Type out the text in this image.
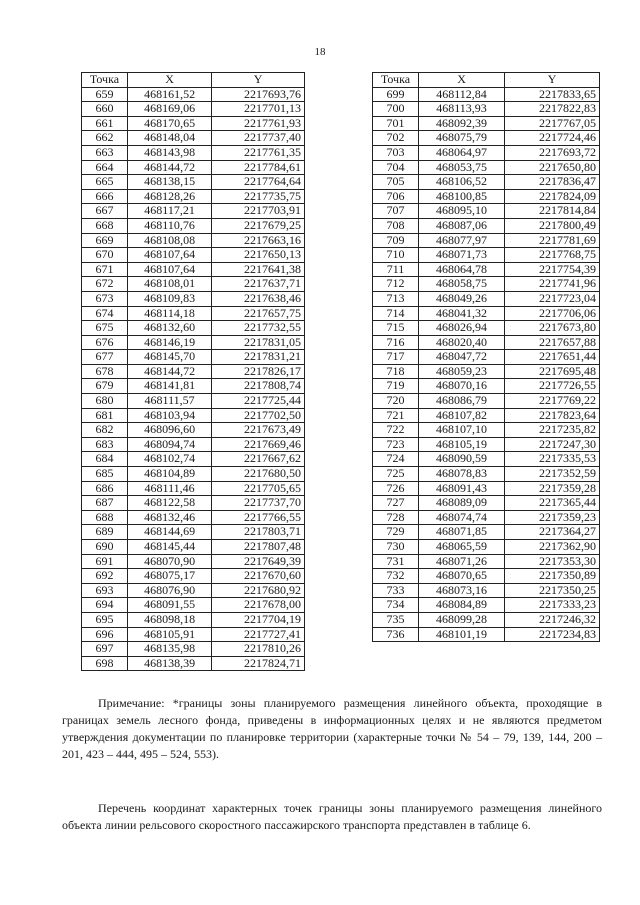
18
Точка	X	Y
659	468161,52	2217693,76
660	468169,06	2217701,13
661	468170,65	2217761,93
662	468148,04	2217737,40
663	468143,98	2217761,35
664	468144,72	2217784,61
665	468138,15	2217764,64
666	468128,26	2217735,75
667	468117,21	2217703,91
668	468110,76	2217679,25
669	468108,08	2217663,16
670	468107,64	2217650,13
671	468107,64	2217641,38
672	468108,01	2217637,71
673	468109,83	2217638,46
674	468114,18	2217657,75
675	468132,60	2217732,55
676	468146,19	2217831,05
677	468145,70	2217831,21
678	468144,72	2217826,17
679	468141,81	2217808,74
680	468111,57	2217725,44
681	468103,94	2217702,50
682	468096,60	2217673,49
683	468094,74	2217669,46
684	468102,74	2217667,62
685	468104,89	2217680,50
686	468111,46	2217705,65
687	468122,58	2217737,70
688	468132,46	2217766,55
689	468144,69	2217803,71
690	468145,44	2217807,48
691	468070,90	2217649,39
692	468075,17	2217670,60
693	468076,90	2217680,92
694	468091,55	2217678,00
695	468098,18	2217704,19
696	468105,91	2217727,41
697	468135,98	2217810,26
698	468138,39	2217824,71
Точка	X	Y
699	468112,84	2217833,65
700	468113,93	2217822,83
701	468092,39	2217767,05
702	468075,79	2217724,46
703	468064,97	2217693,72
704	468053,75	2217650,80
705	468106,52	2217836,47
706	468100,85	2217824,09
707	468095,10	2217814,84
708	468087,06	2217800,49
709	468077,97	2217781,69
710	468071,73	2217768,75
711	468064,78	2217754,39
712	468058,75	2217741,96
713	468049,26	2217723,04
714	468041,32	2217706,06
715	468026,94	2217673,80
716	468020,40	2217657,88
717	468047,72	2217651,44
718	468059,23	2217695,48
719	468070,16	2217726,55
720	468086,79	2217769,22
721	468107,82	2217823,64
722	468107,10	2217235,82
723	468105,19	2217247,30
724	468090,59	2217335,53
725	468078,83	2217352,59
726	468091,43	2217359,28
727	468089,09	2217365,44
728	468074,74	2217359,23
729	468071,85	2217364,27
730	468065,59	2217362,90
731	468071,26	2217353,30
732	468070,65	2217350,89
733	468073,16	2217350,25
734	468084,89	2217333,23
735	468099,28	2217246,32
736	468101,19	2217234,83
Примечание: *границы зоны планируемого размещения линейного объекта, проходящие в границах земель лесного фонда, приведены в информационных целях и не являются предметом утверждения документации по планировке территории (характерные точки № 54 – 79, 139, 144, 200 – 201, 423 – 444, 495 – 524, 553).
Перечень координат характерных точек границы зоны планируемого размещения линейного объекта линии рельсового скоростного пассажирского транспорта представлен в таблице 6.
